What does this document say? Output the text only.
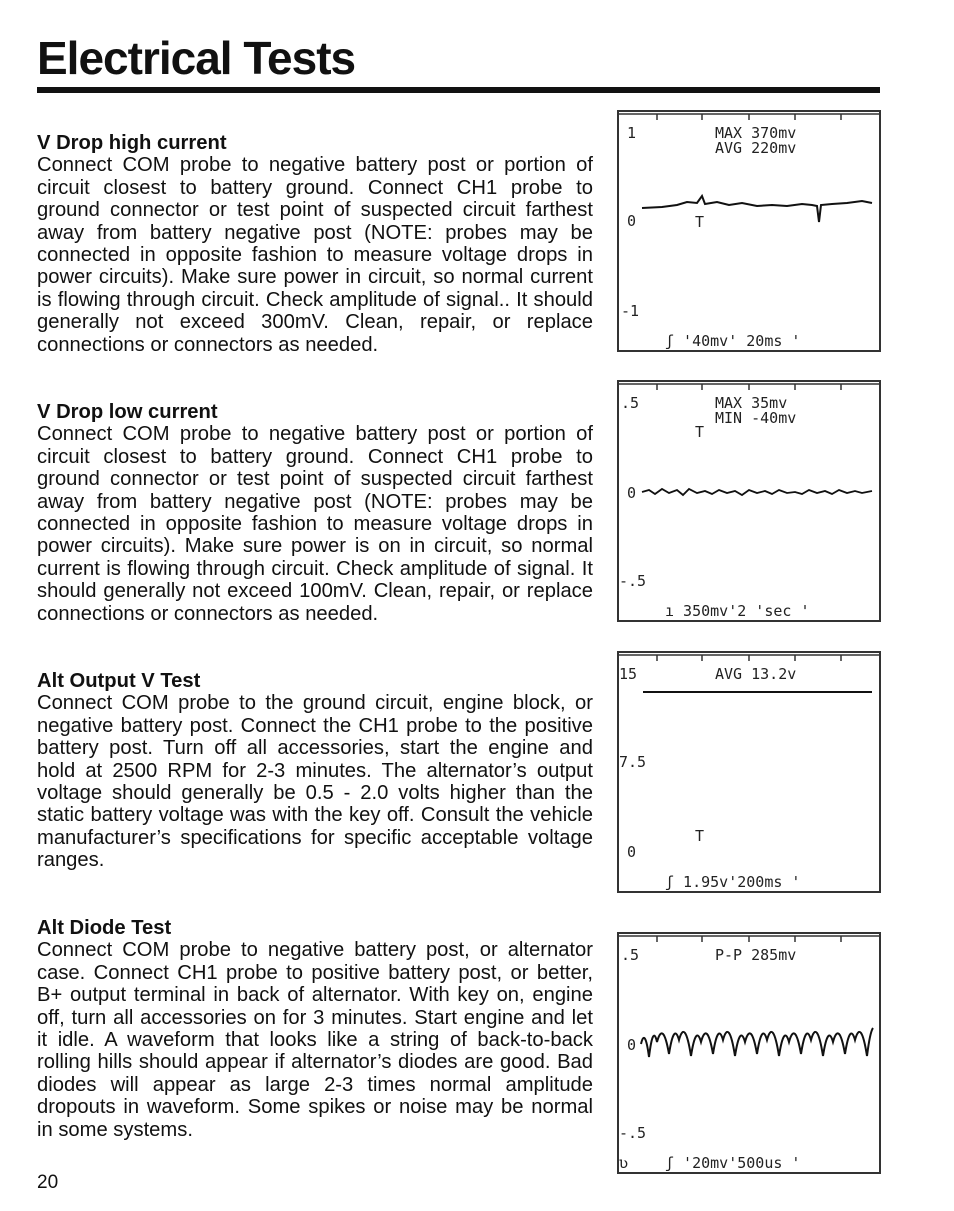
Electrical Tests
V Drop high current
Connect COM probe to negative battery post or portion of circuit closest to battery ground. Connect CH1 probe to ground connector or test point of suspected circuit farthest away from battery negative post (NOTE: probes may be connected in opposite fashion to measure voltage drops in power circuits). Make sure power in circuit, so normal current is flowing through circuit. Check amplitude of signal.. It should generally not exceed 300mV. Clean, repair, or replace connections or connectors as needed.
V Drop low current
Connect COM probe to negative battery post or portion of circuit closest to battery ground. Connect CH1 probe to ground connector or test point of suspected circuit farthest away from battery negative post (NOTE: probes may be connected in opposite fashion to measure voltage drops in power circuits). Make sure power is on in circuit, so normal current is flowing through circuit. Check amplitude of signal. It should generally not exceed 100mV. Clean, repair, or replace connections or connectors as needed.
Alt Output V Test
Connect COM probe to the ground circuit, engine block, or negative battery post. Connect the CH1 probe to the positive battery post. Turn off all accessories, start the engine and hold at 2500 RPM for 2-3 minutes. The alternator’s output voltage should generally be 0.5 - 2.0 volts higher than the static battery voltage was with the key off. Consult the vehicle manufacturer’s specifications for specific acceptable voltage ranges.
Alt Diode Test
Connect COM probe to negative battery post, or alternator case. Connect CH1 probe to positive battery post, or better, B+ output terminal in back of alternator. With key on, engine off, turn all accessories on for 3 minutes. Start engine and let it idle. A waveform that looks like a string of back-to-back rolling hills should appear if alternator’s diodes are good. Bad diodes will appear as large 2-3 times normal amplitude dropouts in waveform. Some spikes or noise may be normal in some systems.
1
0
-1
MAX 370mv
AVG 220mv
T
ʃ '40mv' 20ms '
.5
0
-.5
MAX 35mv
MIN -40mv
T
ı 350mv'2 'sec '
15
7.5
0
AVG 13.2v
T
ʃ 1.95v'200ms '
.5
0
-.5
P-P 285mv
ʋ ʃ '20mv'500us '
20
